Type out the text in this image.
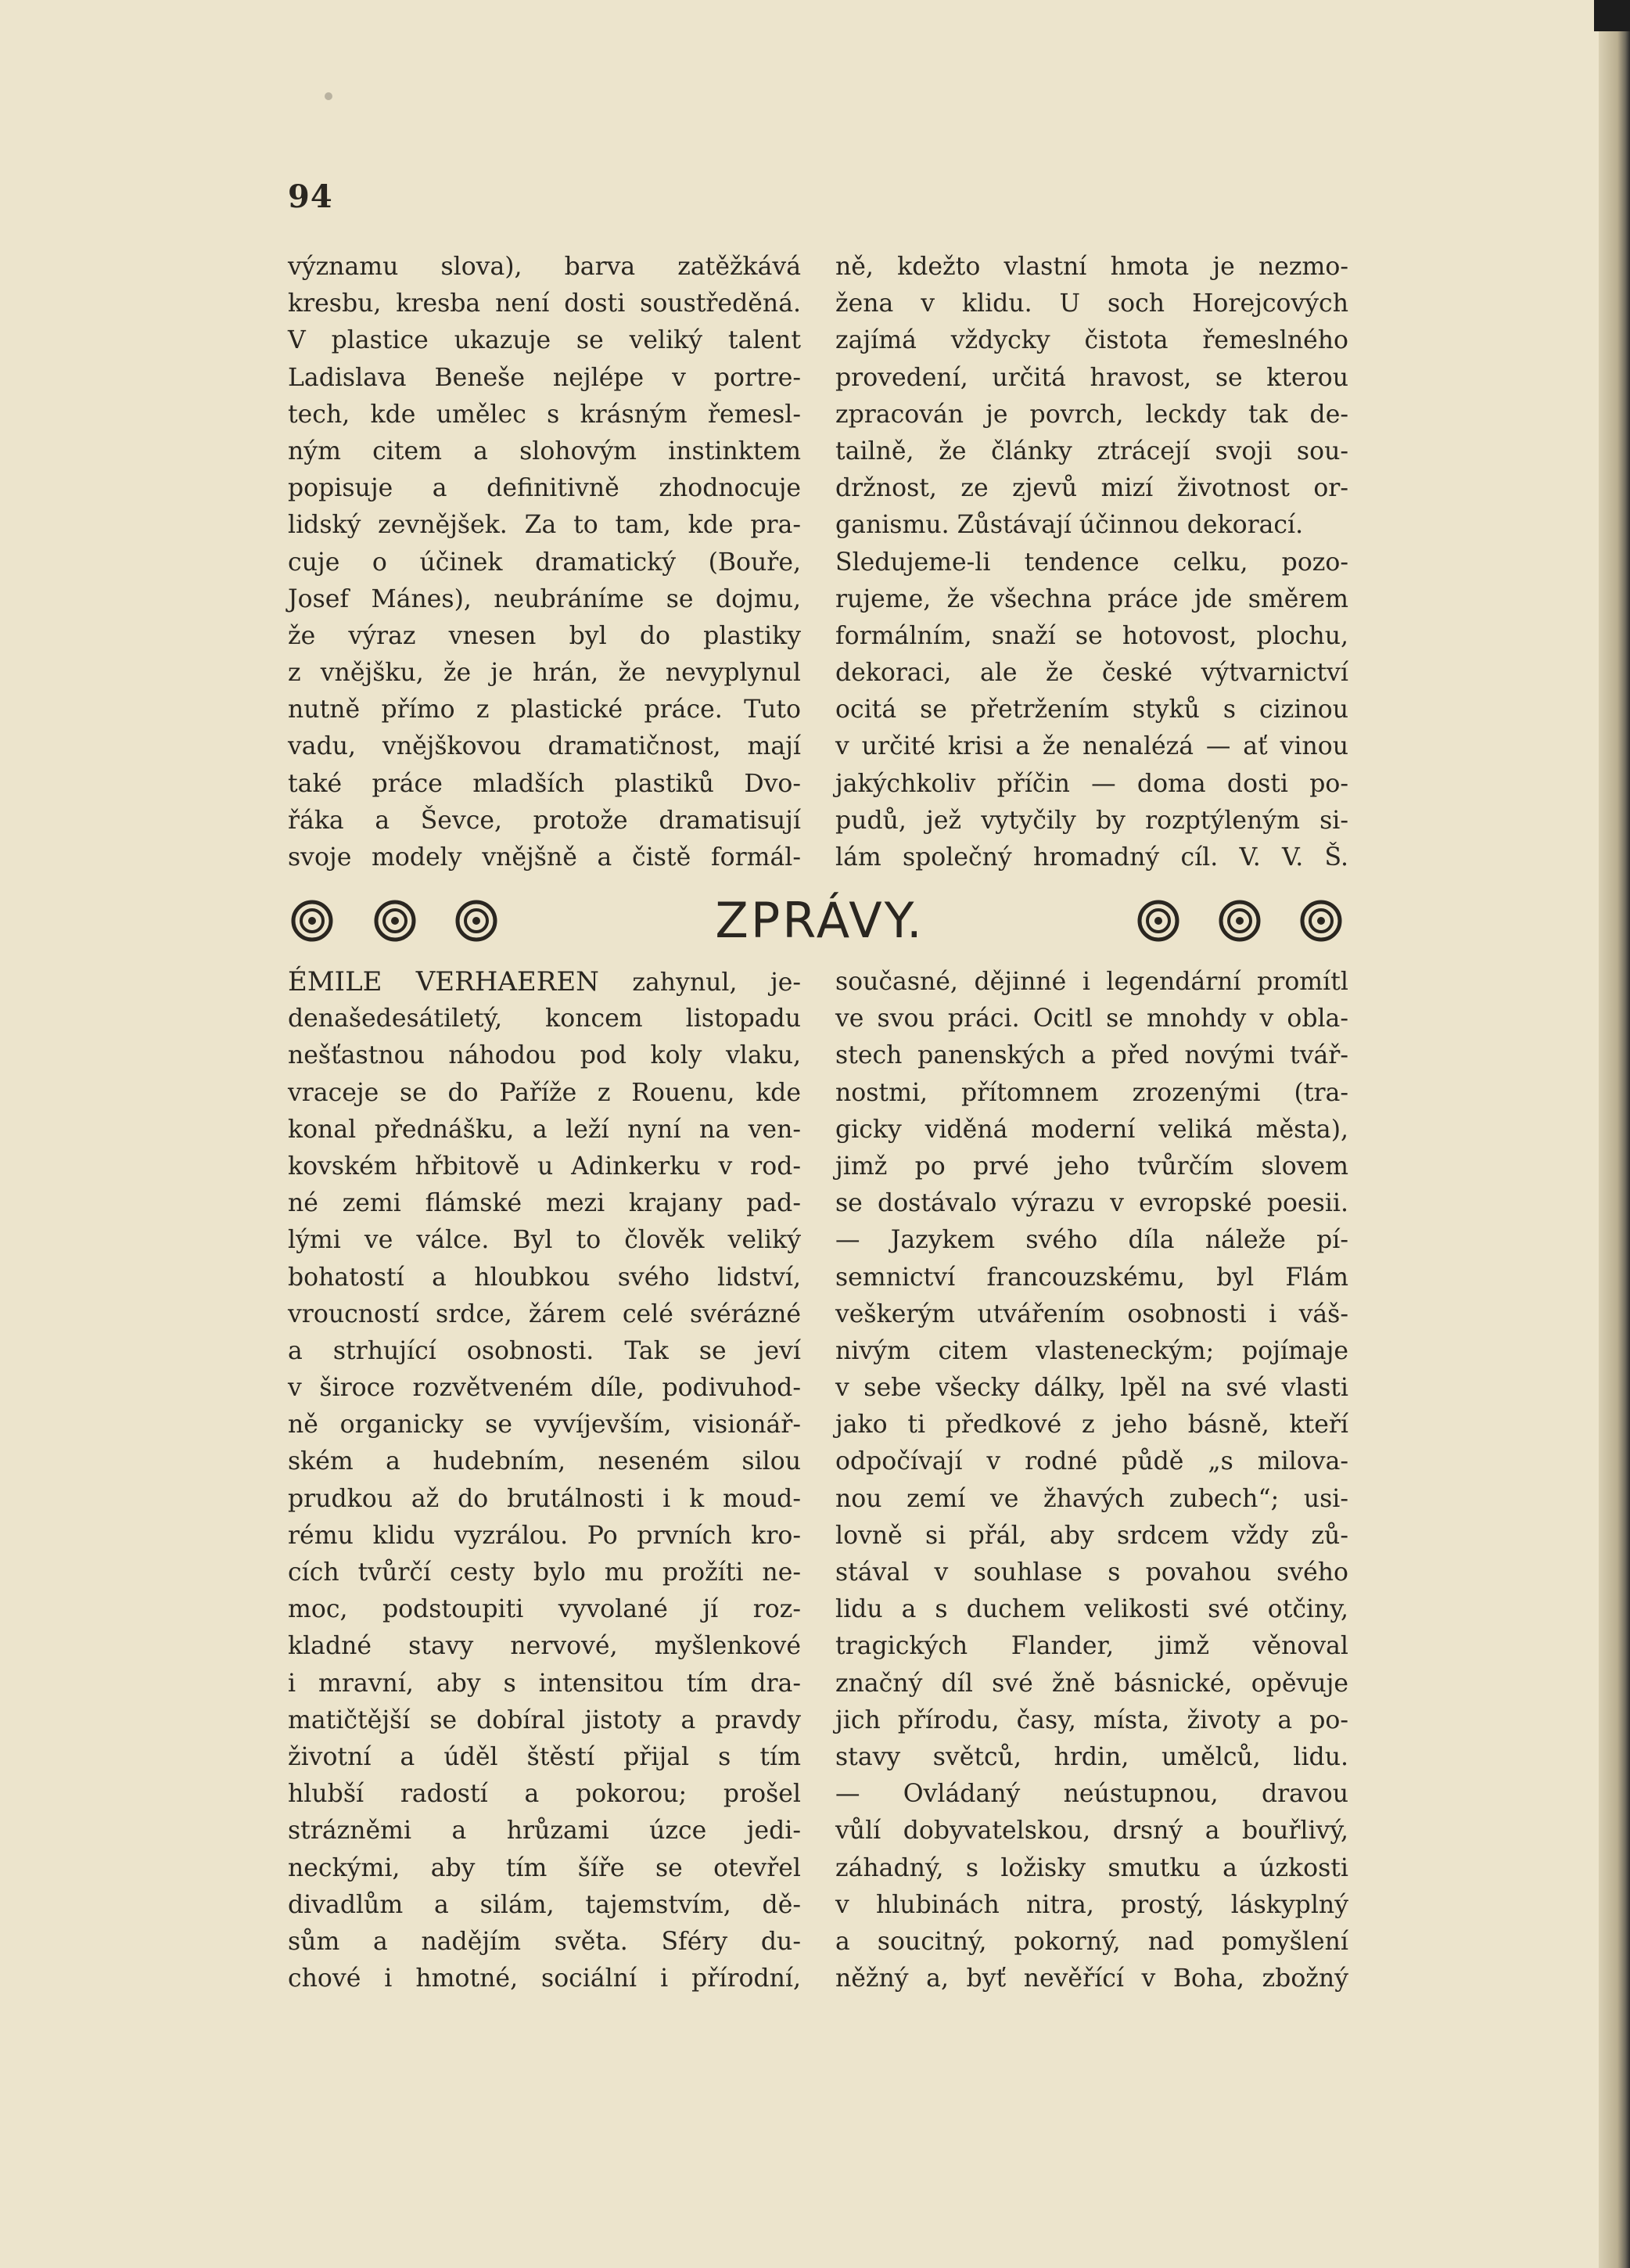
94
významu slova), barva zatěžkává
kresbu, kresba není dosti soustředěná.
V plastice ukazuje se veliký talent
Ladislava Beneše nejlépe v portre-
tech, kde umělec s krásným řemesl-
ným citem a slohovým instinktem
popisuje a definitivně zhodnocuje
lidský zevnějšek. Za to tam, kde pra-
cuje o účinek dramatický (Bouře,
Josef Mánes), neubráníme se dojmu,
že výraz vnesen byl do plastiky
z vnějšku, že je hrán, že nevyplynul
nutně přímo z plastické práce. Tuto
vadu, vnějškovou dramatičnost, mají
také práce mladších plastiků Dvo-
řáka a Ševce, protože dramatisují
svoje modely vnějšně a čistě formál-
ně, kdežto vlastní hmota je nezmo-
žena v klidu. U soch Horejcových
zajímá vždycky čistota řemeslného
provedení, určitá hravost, se kterou
zpracován je povrch, leckdy tak de-
tailně, že články ztrácejí svoji sou-
držnost, ze zjevů mizí životnost or-
ganismu. Zůstávají účinnou dekorací.
Sledujeme-li tendence celku, pozo-
rujeme, že všechna práce jde směrem
formálním, snaží se hotovost, plochu,
dekoraci, ale že české výtvarnictví
ocitá se přetržením styků s cizinou
v určité krisi a že nenalézá — ať vinou
jakýchkoliv příčin — doma dosti po-
pudů, jež vytyčily by rozptýleným si-
lám společný hromadný cíl. V. V. Š.
ZPRÁVY.
ÉMILE VERHAEREN zahynul, je-
denašedesátiletý, koncem listopadu
nešťastnou náhodou pod koly vlaku,
vraceje se do Paříže z Rouenu, kde
konal přednášku, a leží nyní na ven-
kovském hřbitově u Adinkerku v rod-
né zemi flámské mezi krajany pad-
lými ve válce. Byl to člověk veliký
bohatostí a hloubkou svého lidství,
vroucností srdce, žárem celé svérázné
a strhující osobnosti. Tak se jeví
v široce rozvětveném díle, podivuhod-
ně organicky se vyvíjevším, visionář-
ském a hudebním, neseném silou
prudkou až do brutálnosti i k moud-
rému klidu vyzrálou. Po prvních kro-
cích tvůrčí cesty bylo mu prožíti ne-
moc, podstoupiti vyvolané jí roz-
kladné stavy nervové, myšlenkové
i mravní, aby s intensitou tím dra-
matičtější se dobíral jistoty a pravdy
životní a úděl štěstí přijal s tím
hlubší radostí a pokorou; prošel
strázněmi a hrůzami úzce jedi-
neckými, aby tím šíře se otevřel
divadlům a silám, tajemstvím, dě-
sům a nadějím světa. Sféry du-
chové i hmotné, sociální i přírodní,
současné, dějinné i legendární promítl
ve svou práci. Ocitl se mnohdy v obla-
stech panenských a před novými tvář-
nostmi, přítomnem zrozenými (tra-
gicky viděná moderní veliká města),
jimž po prvé jeho tvůrčím slovem
se dostávalo výrazu v evropské poesii.
— Jazykem svého díla náleže pí-
semnictví francouzskému, byl Flám
veškerým utvářením osobnosti i váš-
nivým citem vlasteneckým; pojímaje
v sebe všecky dálky, lpěl na své vlasti
jako ti předkové z jeho básně, kteří
odpočívají v rodné půdě „s milova-
nou zemí ve žhavých zubech“; usi-
lovně si přál, aby srdcem vždy zů-
stával v souhlase s povahou svého
lidu a s duchem velikosti své otčiny,
tragických Flander, jimž věnoval
značný díl své žně básnické, opěvuje
jich přírodu, časy, místa, životy a po-
stavy světců, hrdin, umělců, lidu.
— Ovládaný neústupnou, dravou
vůlí dobyvatelskou, drsný a bouřlivý,
záhadný, s ložisky smutku a úzkosti
v hlubinách nitra, prostý, láskyplný
a soucitný, pokorný, nad pomyšlení
něžný a, byť nevěřící v Boha, zbožný
